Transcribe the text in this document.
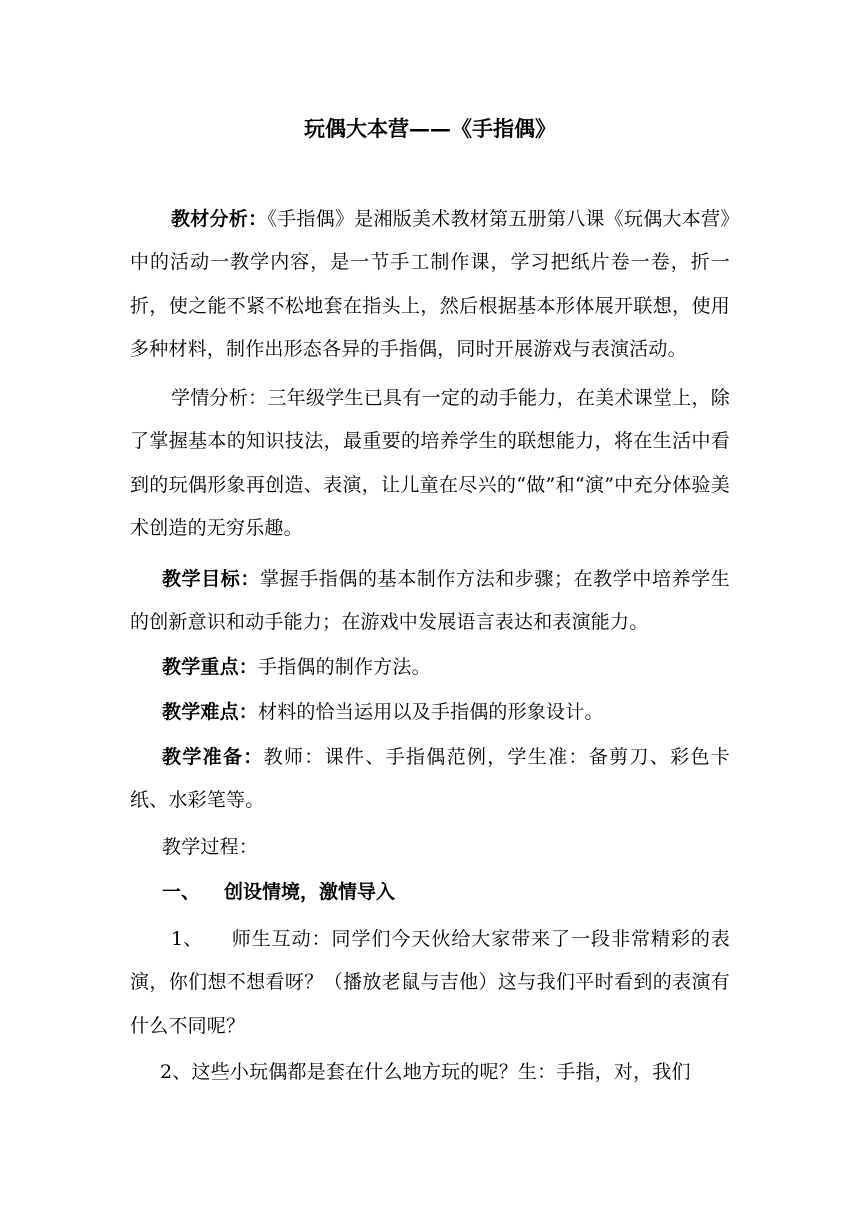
玩偶大本营——《手指偶》

教材分析：《手指偶》是湘版美术教材第五册第八课《玩偶大本营》中的活动一教学内容，是一节手工制作课，学习把纸片卷一卷，折一折，使之能不紧不松地套在指头上，然后根据基本形体展开联想，使用多种材料，制作出形态各异的手指偶，同时开展游戏与表演活动。

学情分析：三年级学生已具有一定的动手能力，在美术课堂上，除了掌握基本的知识技法，最重要的培养学生的联想能力，将在生活中看到的玩偶形象再创造、表演，让儿童在尽兴的“做”和“演”中充分体验美术创造的无穷乐趣。

教学目标：掌握手指偶的基本制作方法和步骤；在教学中培养学生的创新意识和动手能力；在游戏中发展语言表达和表演能力。

教学重点：手指偶的制作方法。

教学难点：材料的恰当运用以及手指偶的形象设计。

教学准备：教师：课件、手指偶范例，学生准：备剪刀、彩色卡纸、水彩笔等。

教学过程：

一、 创设情境，激情导入

1、 师生互动：同学们今天伙给大家带来了一段非常精彩的表演，你们想不想看呀？（播放老鼠与吉他）这与我们平时看到的表演有什么不同呢？

2、这些小玩偶都是套在什么地方玩的呢？生：手指，对，我们
